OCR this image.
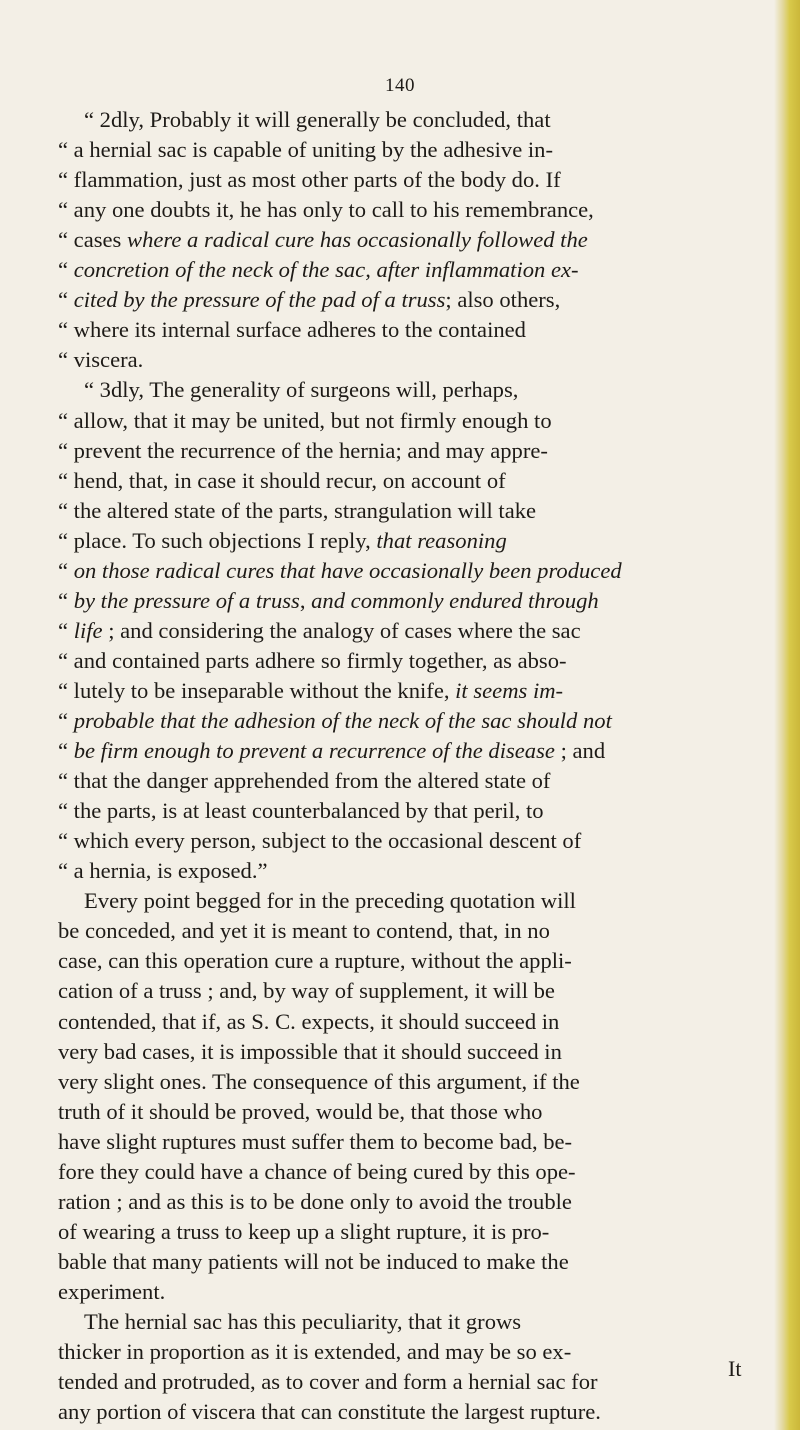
140
“ 2dly, Probably it will generally be concluded, that
“ a hernial sac is capable of uniting by the adhesive in-
“ flammation, just as most other parts of the body do. If
“ any one doubts it, he has only to call to his remembrance,
“ cases where a radical cure has occasionally followed the
“ concretion of the neck of the sac, after inflammation ex-
“ cited by the pressure of the pad of a truss; also others,
“ where its internal surface adheres to the contained
“ viscera.
“ 3dly, The generality of surgeons will, perhaps,
“ allow, that it may be united, but not firmly enough to
“ prevent the recurrence of the hernia; and may appre-
“ hend, that, in case it should recur, on account of
“ the altered state of the parts, strangulation will take
“ place. To such objections I reply, that reasoning
“ on those radical cures that have occasionally been produced
“ by the pressure of a truss, and commonly endured through
“ life ; and considering the analogy of cases where the sac
“ and contained parts adhere so firmly together, as abso-
“ lutely to be inseparable without the knife, it seems im-
“ probable that the adhesion of the neck of the sac should not
“ be firm enough to prevent a recurrence of the disease ; and
“ that the danger apprehended from the altered state of
“ the parts, is at least counterbalanced by that peril, to
“ which every person, subject to the occasional descent of
“ a hernia, is exposed.”
Every point begged for in the preceding quotation will
be conceded, and yet it is meant to contend, that, in no
case, can this operation cure a rupture, without the appli-
cation of a truss ; and, by way of supplement, it will be
contended, that if, as S. C. expects, it should succeed in
very bad cases, it is impossible that it should succeed in
very slight ones. The consequence of this argument, if the
truth of it should be proved, would be, that those who
have slight ruptures must suffer them to become bad, be-
fore they could have a chance of being cured by this ope-
ration ; and as this is to be done only to avoid the trouble
of wearing a truss to keep up a slight rupture, it is pro-
bable that many patients will not be induced to make the
experiment.
The hernial sac has this peculiarity, that it grows
thicker in proportion as it is extended, and may be so ex-
tended and protruded, as to cover and form a hernial sac for
any portion of viscera that can constitute the largest rupture.
It
